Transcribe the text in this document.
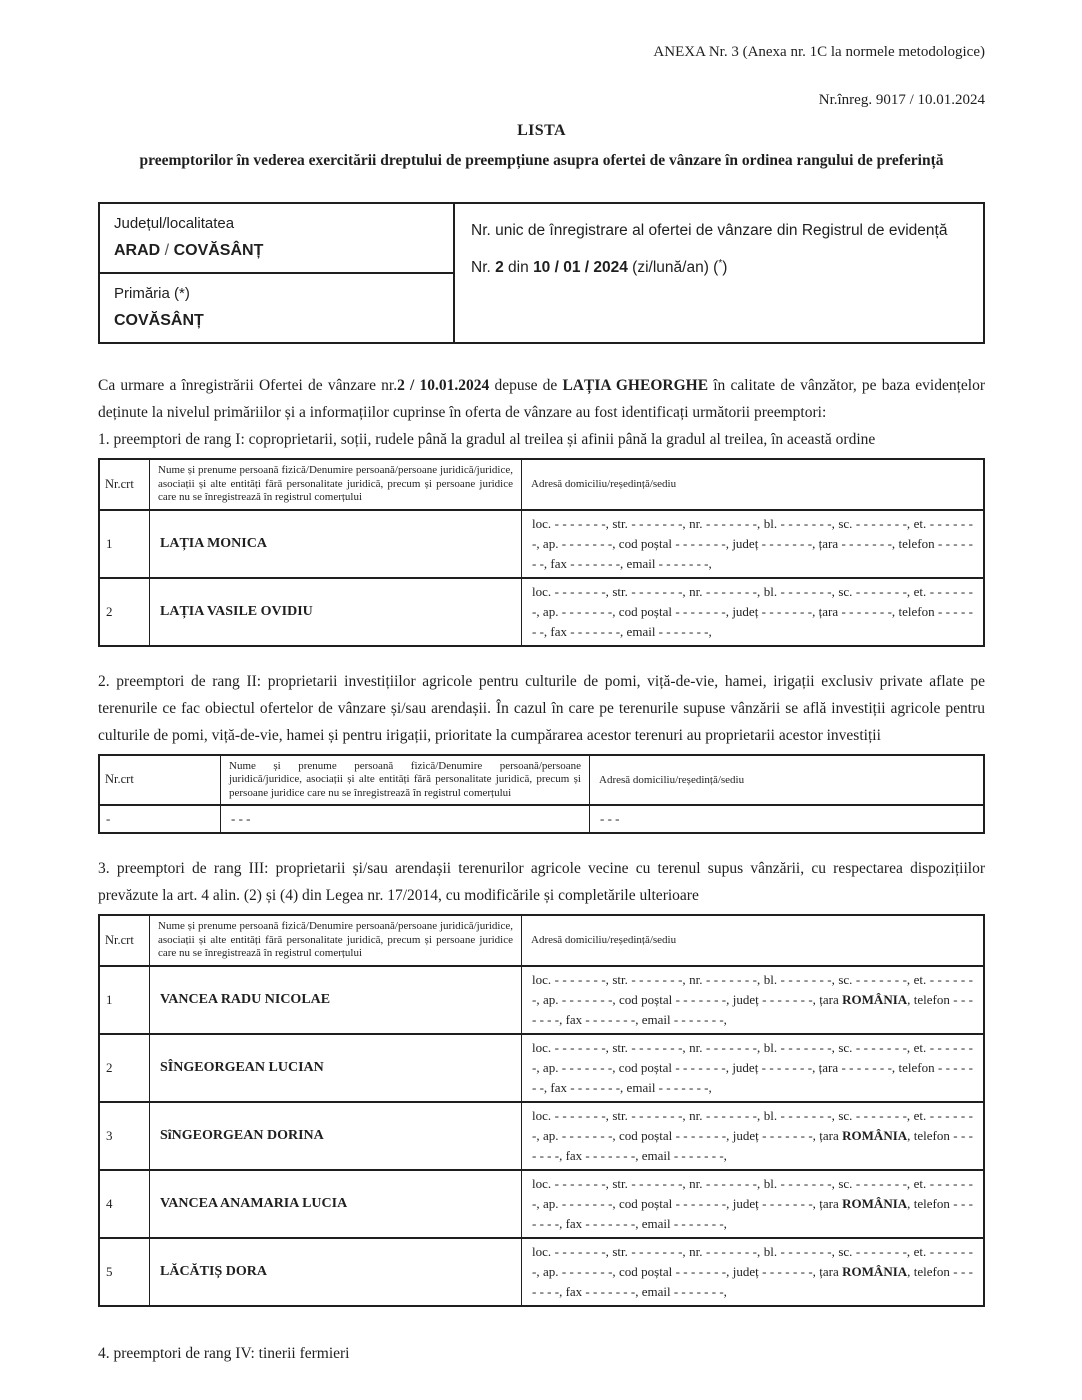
ANEXA Nr. 3 (Anexa nr. 1C la normele metodologice)
Nr.înreg. 9017 / 10.01.2024
LISTA
preemptorilor în vederea exercitării dreptului de preempțiune asupra ofertei de vânzare în ordinea rangului de preferință
Județul/localitatea
ARAD / COVĂSÂNȚ
Primăria (*)
COVĂSÂNȚ
Nr. unic de înregistrare al ofertei de vânzare din Registrul de evidență
Nr. 2 din 10 / 01 / 2024 (zi/lună/an) (*)
Ca urmare a înregistrării Ofertei de vânzare nr.2 / 10.01.2024 depuse de LAȚIA GHEORGHE în calitate de vânzător, pe baza evidențelor deținute la nivelul primăriilor și a informațiilor cuprinse în oferta de vânzare au fost identificați următorii preemptori:
1. preemptori de rang I: coproprietarii, soții, rudele până la gradul al treilea și afinii până la gradul al treilea, în această ordine
Nr.crt	Nume și prenume persoană fizică/Denumire persoană/persoane juridică/juridice, asociații și alte entități fără personalitate juridică, precum și persoane juridice care nu se înregistrează în registrul comerțului	Adresă domiciliu/reședință/sediu
1	LAȚIA MONICA	loc. - - - - - - -, str. - - - - - - -, nr. - - - - - - -, bl. - - - - - - -, sc. - - - - - - -, et. - - - - - - -, ap. - - - - - - -, cod poștal - - - - - - -, județ - - - - - - -, țara - - - - - - -, telefon - - - - - - -, fax - - - - - - -, email - - - - - - -,
2	LAȚIA VASILE OVIDIU	loc. - - - - - - -, str. - - - - - - -, nr. - - - - - - -, bl. - - - - - - -, sc. - - - - - - -, et. - - - - - - -, ap. - - - - - - -, cod poștal - - - - - - -, județ - - - - - - -, țara - - - - - - -, telefon - - - - - - -, fax - - - - - - -, email - - - - - - -,
2. preemptori de rang II: proprietarii investițiilor agricole pentru culturile de pomi, viță-de-vie, hamei, irigații exclusiv private aflate pe terenurile ce fac obiectul ofertelor de vânzare și/sau arendașii. În cazul în care pe terenurile supuse vânzării se află investiții agricole pentru culturile de pomi, viță-de-vie, hamei și pentru irigații, prioritate la cumpărarea acestor terenuri au proprietarii acestor investiții
Nr.crt	Nume și prenume persoană fizică/Denumire persoană/persoane juridică/juridice, asociații și alte entități fără personalitate juridică, precum și persoane juridice care nu se înregistrează în registrul comerțului	Adresă domiciliu/reședință/sediu
-	- - -	- - -
3. preemptori de rang III: proprietarii și/sau arendașii terenurilor agricole vecine cu terenul supus vânzării, cu respectarea dispozițiilor prevăzute la art. 4 alin. (2) și (4) din Legea nr. 17/2014, cu modificările și completările ulterioare
Nr.crt	Nume și prenume persoană fizică/Denumire persoană/persoane juridică/juridice, asociații și alte entități fără personalitate juridică, precum și persoane juridice care nu se înregistrează în registrul comerțului	Adresă domiciliu/reședință/sediu
1	VANCEA RADU NICOLAE	loc. - - - - - - -, str. - - - - - - -, nr. - - - - - - -, bl. - - - - - - -, sc. - - - - - - -, et. - - - - - - -, ap. - - - - - - -, cod poștal - - - - - - -, județ - - - - - - -, țara ROMÂNIA, telefon - - - - - - -, fax - - - - - - -, email - - - - - - -,
2	SÎNGEORGEAN LUCIAN	loc. - - - - - - -, str. - - - - - - -, nr. - - - - - - -, bl. - - - - - - -, sc. - - - - - - -, et. - - - - - - -, ap. - - - - - - -, cod poștal - - - - - - -, județ - - - - - - -, țara - - - - - - -, telefon - - - - - - -, fax - - - - - - -, email - - - - - - -,
3	SîNGEORGEAN DORINA	loc. - - - - - - -, str. - - - - - - -, nr. - - - - - - -, bl. - - - - - - -, sc. - - - - - - -, et. - - - - - - -, ap. - - - - - - -, cod poștal - - - - - - -, județ - - - - - - -, țara ROMÂNIA, telefon - - - - - - -, fax - - - - - - -, email - - - - - - -,
4	VANCEA ANAMARIA LUCIA	loc. - - - - - - -, str. - - - - - - -, nr. - - - - - - -, bl. - - - - - - -, sc. - - - - - - -, et. - - - - - - -, ap. - - - - - - -, cod poștal - - - - - - -, județ - - - - - - -, țara ROMÂNIA, telefon - - - - - - -, fax - - - - - - -, email - - - - - - -,
5	LĂCĂTIȘ DORA	loc. - - - - - - -, str. - - - - - - -, nr. - - - - - - -, bl. - - - - - - -, sc. - - - - - - -, et. - - - - - - -, ap. - - - - - - -, cod poștal - - - - - - -, județ - - - - - - -, țara ROMÂNIA, telefon - - - - - - -, fax - - - - - - -, email - - - - - - -,
4. preemptori de rang IV: tinerii fermieri
